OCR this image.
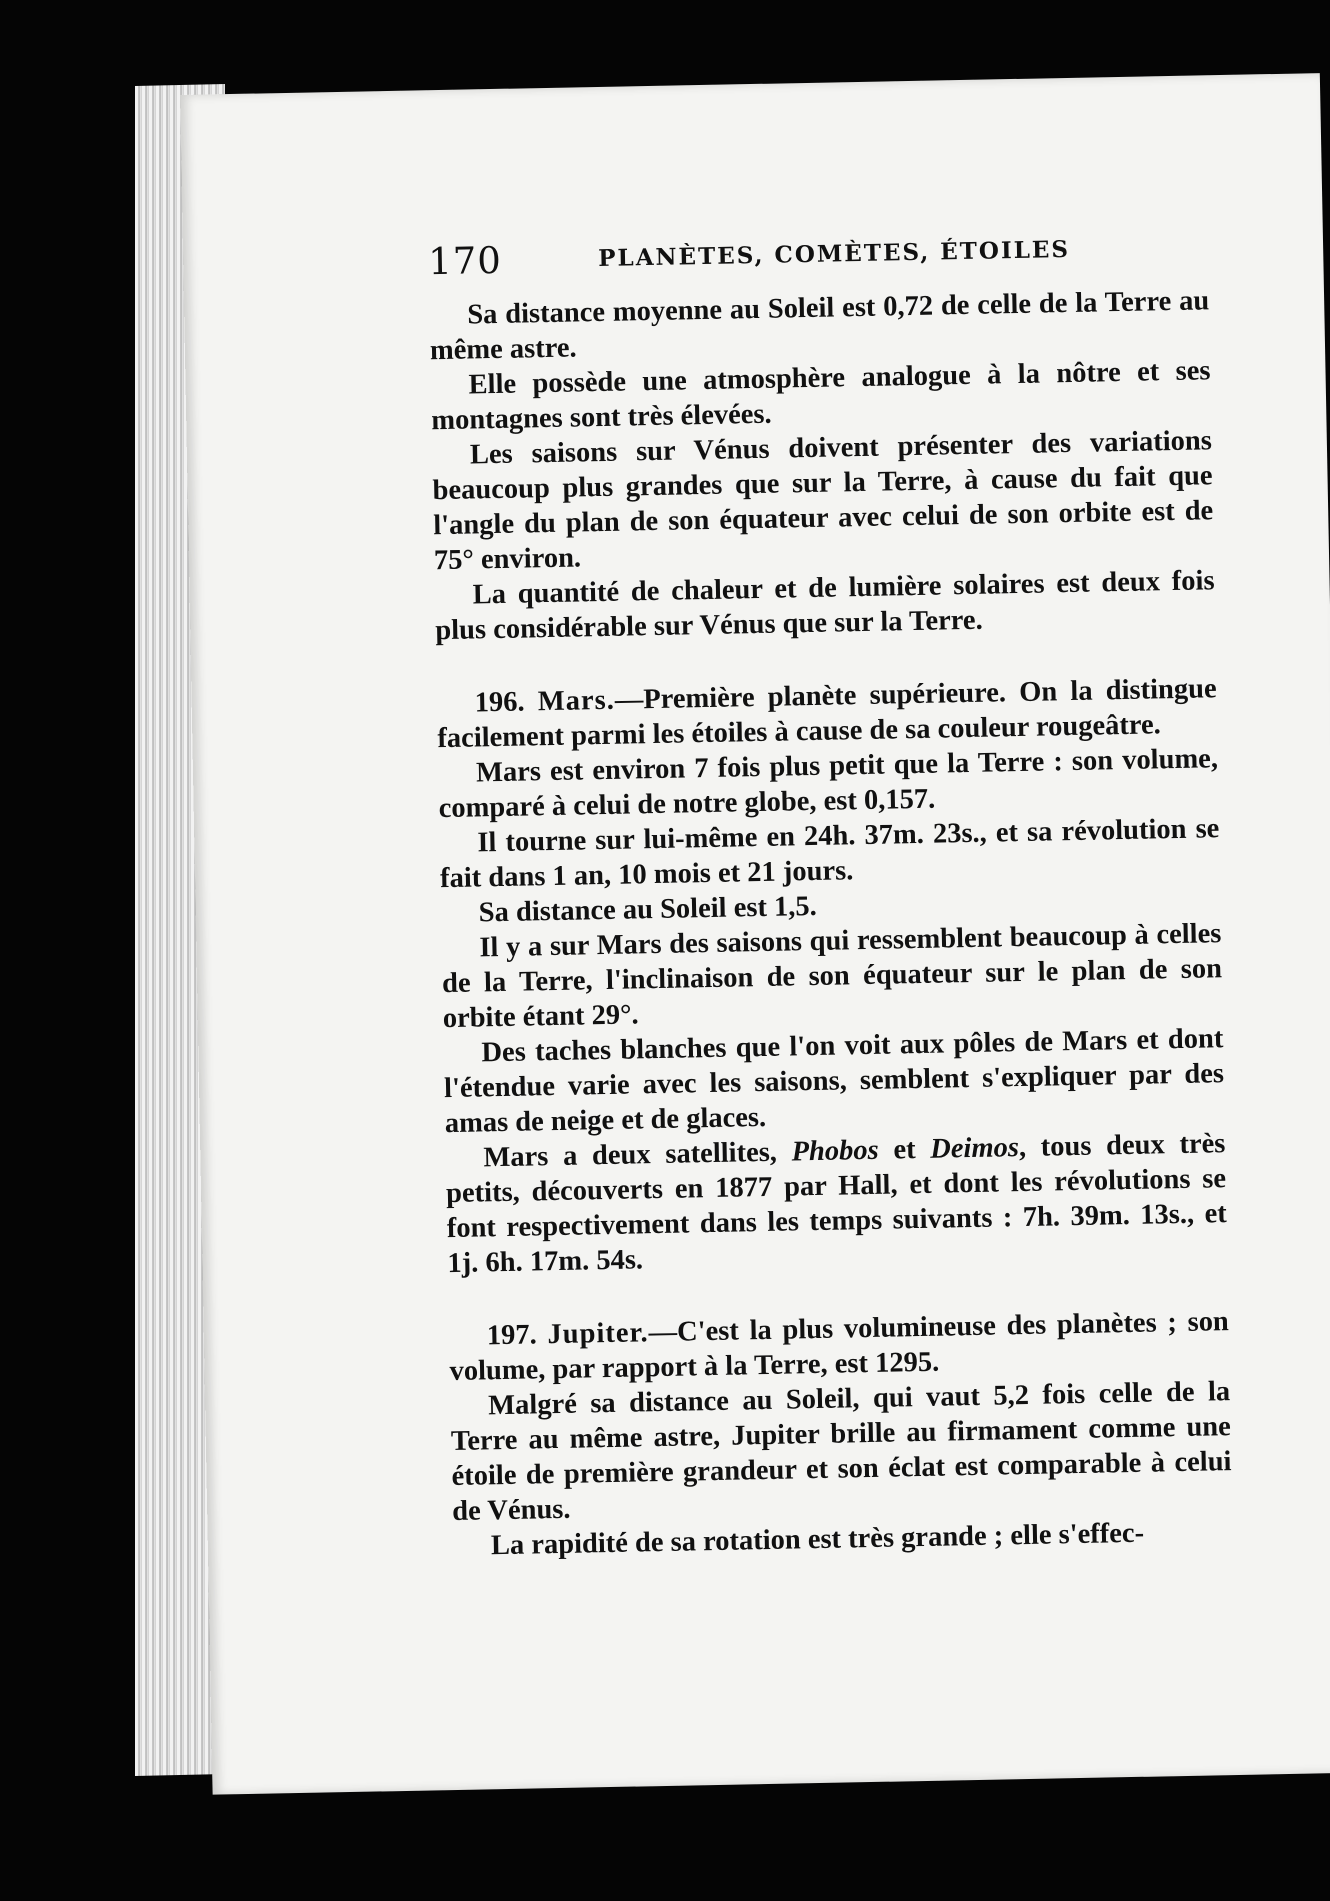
170	PLANÈTES, COMÈTES, ÉTOILES

Sa distance moyenne au Soleil est 0,72 de celle de la Terre au même astre.

Elle possède une atmosphère analogue à la nôtre et ses montagnes sont très élevées.

Les saisons sur Vénus doivent présenter des variations beaucoup plus grandes que sur la Terre, à cause du fait que l'angle du plan de son équateur avec celui de son orbite est de 75° environ.

La quantité de chaleur et de lumière solaires est deux fois plus considérable sur Vénus que sur la Terre.

196. Mars.—Première planète supérieure. On la distingue facilement parmi les étoiles à cause de sa couleur rougeâtre.

Mars est environ 7 fois plus petit que la Terre : son volume, comparé à celui de notre globe, est 0,157.

Il tourne sur lui-même en 24h. 37m. 23s., et sa révolution se fait dans 1 an, 10 mois et 21 jours.

Sa distance au Soleil est 1,5.

Il y a sur Mars des saisons qui ressemblent beaucoup à celles de la Terre, l'inclinaison de son équateur sur le plan de son orbite étant 29°.

Des taches blanches que l'on voit aux pôles de Mars et dont l'étendue varie avec les saisons, semblent s'expliquer par des amas de neige et de glaces.

Mars a deux satellites, Phobos et Deimos, tous deux très petits, découverts en 1877 par Hall, et dont les révolutions se font respectivement dans les temps suivants : 7h. 39m. 13s., et 1j. 6h. 17m. 54s.

197. Jupiter.—C'est la plus volumineuse des planètes ; son volume, par rapport à la Terre, est 1295.

Malgré sa distance au Soleil, qui vaut 5,2 fois celle de la Terre au même astre, Jupiter brille au firmament comme une étoile de première grandeur et son éclat est comparable à celui de Vénus.

La rapidité de sa rotation est très grande ; elle s'effec-
